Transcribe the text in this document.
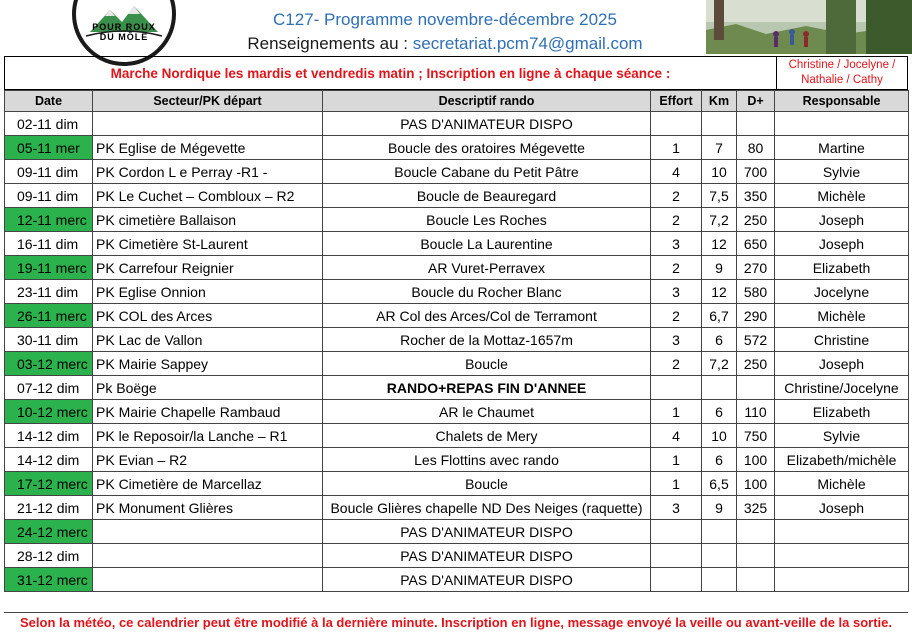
POUR ROUX
DU MÔLE
C127- Programme novembre-décembre 2025
Renseignements au : secretariat.pcm74@gmail.com
Marche Nordique les mardis et vendredis matin ; Inscription en ligne à chaque séance :
Christine / Jocelyne /
Nathalie / Cathy
Date	Secteur/PK départ	Descriptif rando	Effort	Km	D+	Responsable
02-11 dim		PAS D'ANIMATEUR DISPO				
05-11 mer	PK Eglise de Mégevette	Boucle des oratoires Mégevette	1	7	80	Martine
09-11 dim	PK Cordon L e Perray -R1 -	Boucle Cabane du Petit Pâtre	4	10	700	Sylvie
09-11 dim	PK Le Cuchet – Combloux – R2	Boucle de Beauregard	2	7,5	350	Michèle
12-11 merc	PK cimetière Ballaison	Boucle Les Roches	2	7,2	250	Joseph
16-11 dim	PK Cimetière St-Laurent	Boucle La Laurentine	3	12	650	Joseph
19-11 merc	PK Carrefour Reignier	AR Vuret-Perravex	2	9	270	Elizabeth
23-11 dim	PK Eglise Onnion	Boucle du Rocher Blanc	3	12	580	Jocelyne
26-11 merc	PK COL des Arces	AR Col des Arces/Col de Terramont	2	6,7	290	Michèle
30-11 dim	PK Lac de Vallon	Rocher de la Mottaz-1657m	3	6	572	Christine
03-12 merc	PK Mairie Sappey	Boucle	2	7,2	250	Joseph
07-12 dim	Pk Boëge	RANDO+REPAS FIN D'ANNEE				Christine/Jocelyne
10-12 merc	PK Mairie Chapelle Rambaud	AR le Chaumet	1	6	110	Elizabeth
14-12 dim	PK le Reposoir/la Lanche – R1	Chalets de Mery	4	10	750	Sylvie
14-12 dim	PK Evian – R2	Les Flottins avec rando	1	6	100	Elizabeth/michèle
17-12 merc	PK Cimetière de Marcellaz	Boucle	1	6,5	100	Michèle
21-12 dim	PK Monument Glières	Boucle Glières chapelle ND Des Neiges (raquette)	3	9	325	Joseph
24-12 merc		PAS D'ANIMATEUR DISPO				
28-12 dim		PAS D'ANIMATEUR DISPO				
31-12 merc		PAS D'ANIMATEUR DISPO				
Selon la météo, ce calendrier peut être modifié à la dernière minute. Inscription en ligne, message envoyé la veille ou avant-veille de la sortie.
